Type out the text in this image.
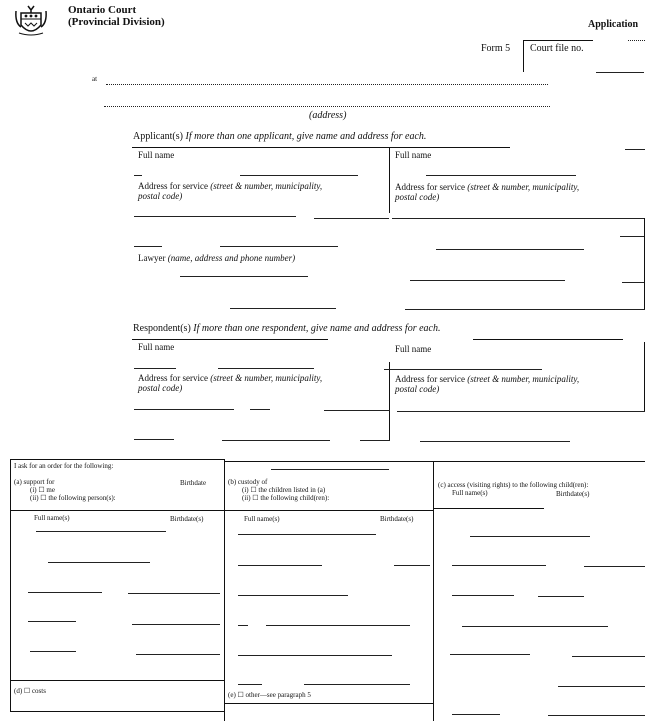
Ontario Court
(Provincial Division)	Application
Form 5 Court file no.
at
(address)
Applicant(s) If more than one applicant, give name and address for each.
Full name	Full name
Address for service (street & number, municipality,
postal code)
Address for service (street & number, municipality,
postal code)
Lawyer (name, address and phone number)
Respondent(s) If more than one respondent, give name and address for each.
Full name	Full name
Address for service (street & number, municipality,
postal code)
Address for service (street & number, municipality,
postal code)
I ask for an order for the following:
(a) support for	Birthdate
(i) ☐ me
(ii) ☐ the following person(s):
Full name(s)	Birthdate(s)
(d) ☐ costs
(b) custody of
(i) ☐ the children listed in (a)
(ii) ☐ the following child(ren):
Full name(s)	Birthdate(s)
(e) ☐ other—see paragraph 5
(c) access (visiting rights) to the following child(ren):
Full name(s)	Birthdate(s)
